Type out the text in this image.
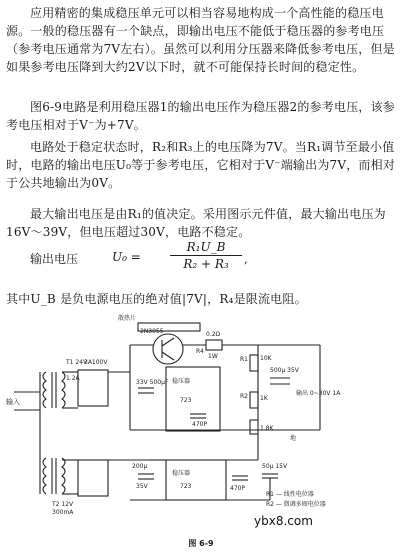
应用精密的集成稳压单元可以相当容易地构成一个高性能的稳压电源。一般的稳压器有一个缺点，即输出电压不能低于稳压器的参考电压（参考电压通常为7V左右）。虽然可以利用分压器来降低参考电压，但是如果参考电压降到大约2V以下时，就不可能保持长时间的稳定性。

图6-9电路是利用稳压器1的输出电压作为稳压器2的参考电压，该参考电压相对于V⁻为+7V。

电路处于稳定状态时，R₂和R₃上的电压降为7V。当R₁调节至最小值时，电路的输出电压U₀等于参考电压，它相对于V⁻端输出为7V，而相对于公共地输出为0V。

最大输出电压是由R₁的值决定。采用图示元件值，最大输出电压为16V～39V，但电压超过30V，电路不稳定。

输出电压	$U_0 = \frac{\text{R₁U\_B}}{\text{R₂ + R₃}}$ ,

其中U_B 是负电源电压的绝对值|7V|，R₄是限流电阻。

散热片
2N3055	0.2Ω
R4
1W
稳压器
723
稳压器
723
输入
T1 24V
1.2A
T2 12V
300mA
3A100V
33V 500μF
200μ
35V
470P
470P
R1 10K
R2 1K
1.8K
500μ 35V
输出 0~30V 1A
地
50μ 15V
R1 — 线性电位器
R2 — 微调多圈电位器
ybx8.com
图 6-9
